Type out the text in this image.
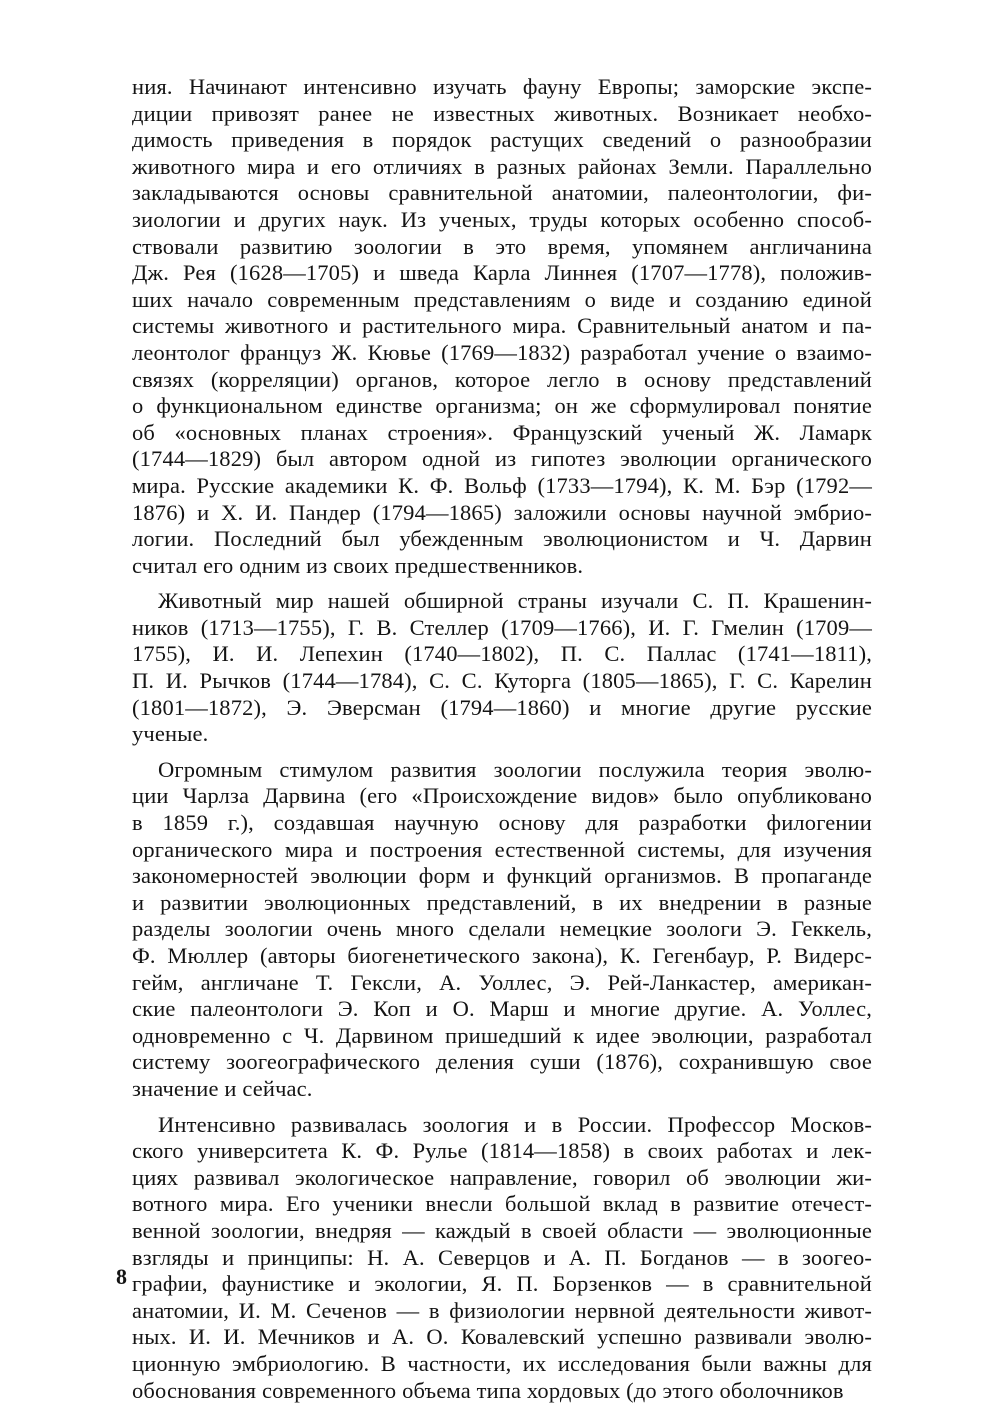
ния. Начинают интенсивно изучать фауну Европы; заморские экспе-
диции привозят ранее не известных животных. Возникает необхо-
димость приведения в порядок растущих сведений о разнообразии
животного мира и его отличиях в разных районах Земли. Параллельно
закладываются основы сравнительной анатомии, палеонтологии, фи-
зиологии и других наук. Из ученых, труды которых особенно способ-
ствовали развитию зоологии в это время, упомянем англичанина
Дж. Рея (1628—1705) и шведа Карла Линнея (1707—1778), положив-
ших начало современным представлениям о виде и созданию единой
системы животного и растительного мира. Сравнительный анатом и па-
леонтолог француз Ж. Кювье (1769—1832) разработал учение о взаимо-
связях (корреляции) органов, которое легло в основу представлений
о функциональном единстве организма; он же сформулировал понятие
об «основных планах строения». Французский ученый Ж. Ламарк
(1744—1829) был автором одной из гипотез эволюции органического
мира. Русские академики К. Ф. Вольф (1733—1794), К. М. Бэр (1792—
1876) и Х. И. Пандер (1794—1865) заложили основы научной эмбрио-
логии. Последний был убежденным эволюционистом и Ч. Дарвин
считал его одним из своих предшественников.
Животный мир нашей обширной страны изучали С. П. Крашенин-
ников (1713—1755), Г. В. Стеллер (1709—1766), И. Г. Гмелин (1709—
1755), И. И. Лепехин (1740—1802), П. С. Паллас (1741—1811),
П. И. Рычков (1744—1784), С. С. Куторга (1805—1865), Г. С. Карелин
(1801—1872), Э. Эверсман (1794—1860) и многие другие русские
ученые.
Огромным стимулом развития зоологии послужила теория эволю-
ции Чарлза Дарвина (его «Происхождение видов» было опубликовано
в 1859 г.), создавшая научную основу для разработки филогении
органического мира и построения естественной системы, для изучения
закономерностей эволюции форм и функций организмов. В пропаганде
и развитии эволюционных представлений, в их внедрении в разные
разделы зоологии очень много сделали немецкие зоологи Э. Геккель,
Ф. Мюллер (авторы биогенетического закона), К. Гегенбаур, Р. Видерс-
гейм, англичане Т. Гексли, А. Уоллес, Э. Рей-Ланкастер, американ-
ские палеонтологи Э. Коп и О. Марш и многие другие. А. Уоллес,
одновременно с Ч. Дарвином пришедший к идее эволюции, разработал
систему зоогеографического деления суши (1876), сохранившую свое
значение и сейчас.
Интенсивно развивалась зоология и в России. Профессор Москов-
ского университета К. Ф. Рулье (1814—1858) в своих работах и лек-
циях развивал экологическое направление, говорил об эволюции жи-
вотного мира. Его ученики внесли большой вклад в развитие отечест-
венной зоологии, внедряя — каждый в своей области — эволюционные
взгляды и принципы: Н. А. Северцов и А. П. Богданов — в зоогео-
графии, фаунистике и экологии, Я. П. Борзенков — в сравнительной
анатомии, И. М. Сеченов — в физиологии нервной деятельности живот-
ных. И. И. Мечников и А. О. Ковалевский успешно развивали эволю-
ционную эмбриологию. В частности, их исследования были важны для
обоснования современного объема типа хордовых (до этого оболочников
8
